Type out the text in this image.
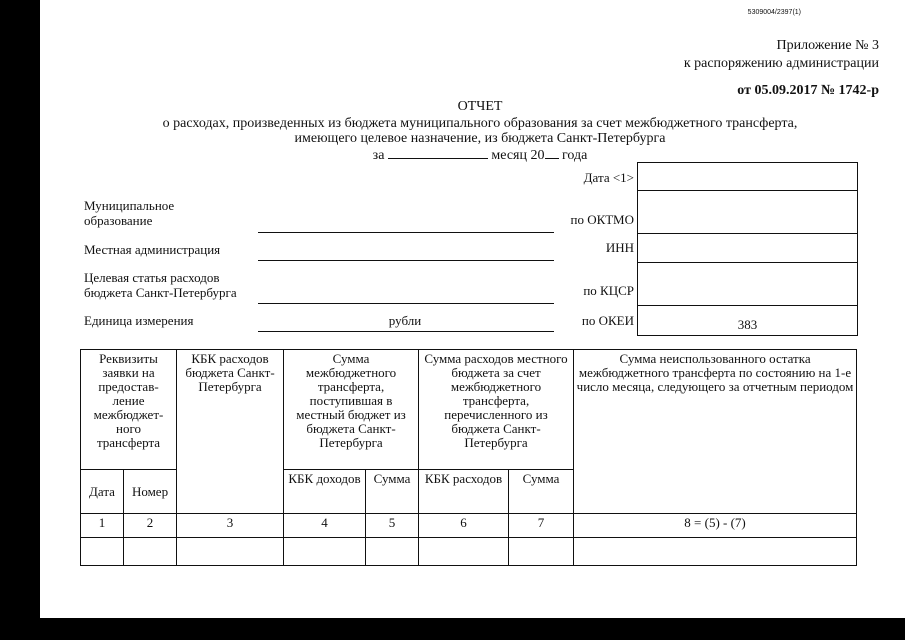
5309004/2397(1)
Приложение № 3
к распоряжению администрации
от 05.09.2017 № 1742-р
ОТЧЕТ
о расходах, произведенных из бюджета муниципального образования за счет межбюджетного трансферта,
имеющего целевое назначение, из бюджета Санкт-Петербурга
за	месяц 20 года
Муниципальное
образование
Местная администрация
Целевая статья расходов
бюджета Санкт-Петербурга
Единица измерения	рубли
Дата <1>
по ОКТМО
ИНН
по КЦСР
по ОКЕИ	383
Реквизиты заявки на предостав-ление межбюджет-ного трансферта		КБК расходов бюджета Санкт-Петербурга	Сумма межбюджетного трансферта, поступившая в местный бюджет из бюджета Санкт-Петербурга		Сумма расходов местного бюджета за счет межбюджетного трансферта, перечисленного из бюджета Санкт-Петербурга		Сумма неиспользованного остатка межбюджетного трансферта по состоянию на 1-е число месяца, следующего за отчетным периодом
Дата	Номер		КБК доходов	Сумма	КБК расходов	Сумма	
1	2	3	4	5	6	7	8 = (5) - (7)
